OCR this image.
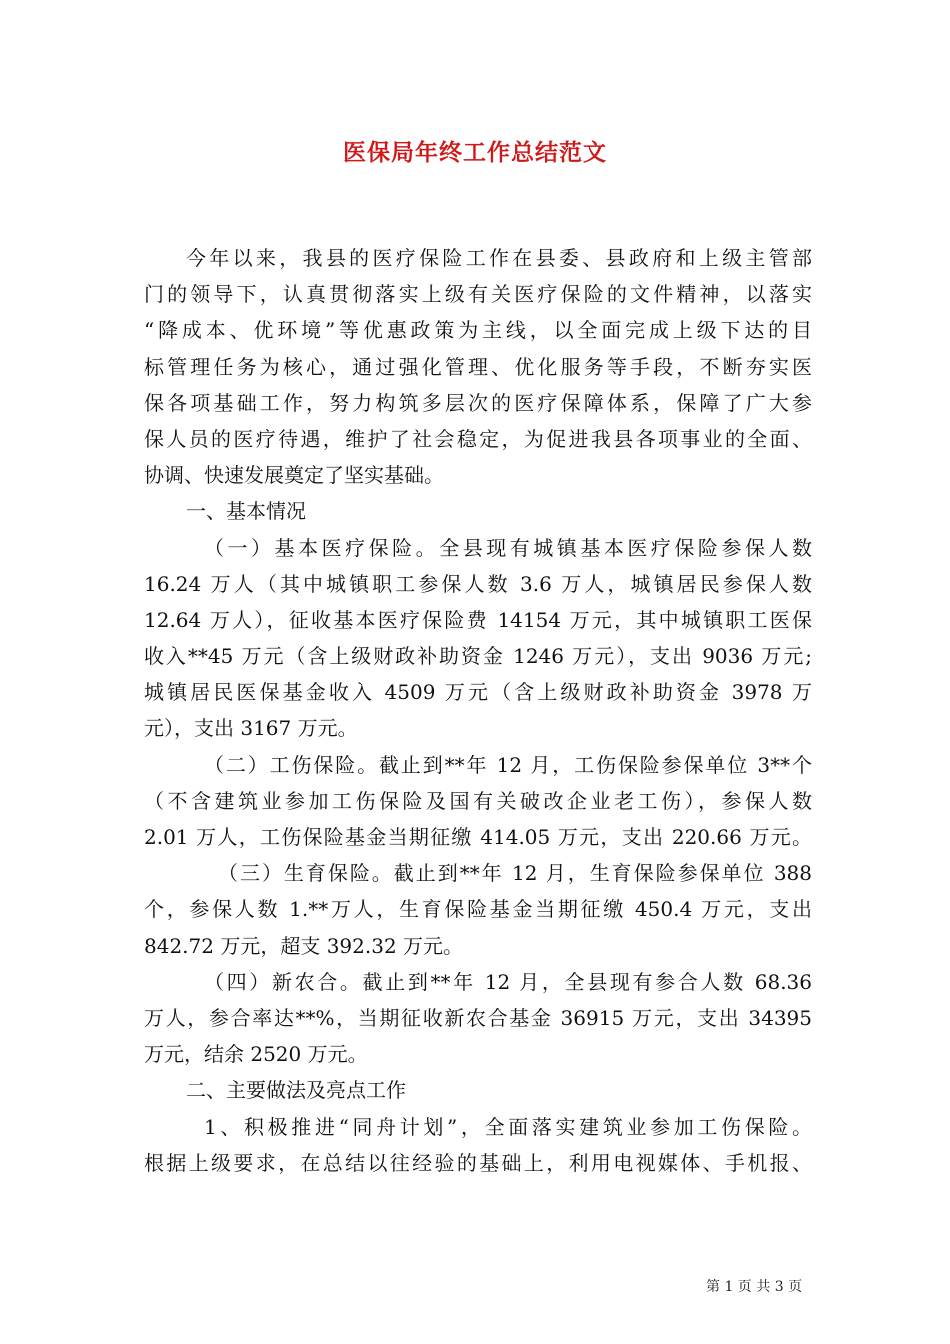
医保局年终工作总结范文
今年以来，我县的医疗保险工作在县委、县政府和上级主管部
门的领导下，认真贯彻落实上级有关医疗保险的文件精神，以落实
“降成本、优环境”等优惠政策为主线，以全面完成上级下达的目
标管理任务为核心，通过强化管理、优化服务等手段，不断夯实医
保各项基础工作，努力构筑多层次的医疗保障体系，保障了广大参
保人员的医疗待遇，维护了社会稳定，为促进我县各项事业的全面、
协调、快速发展奠定了坚实基础。
一、基本情况
（一）基本医疗保险。全县现有城镇基本医疗保险参保人数
16.24 万人（其中城镇职工参保人数 3.6 万人，城镇居民参保人数
12.64 万人），征收基本医疗保险费 14154 万元，其中城镇职工医保
收入**45 万元（含上级财政补助资金 1246 万元），支出 9036 万元;
城镇居民医保基金收入 4509 万元（含上级财政补助资金 3978 万
元），支出 3167 万元。
（二）工伤保险。截止到**年 12 月，工伤保险参保单位 3**个
（不含建筑业参加工伤保险及国有关破改企业老工伤），参保人数
2.01 万人，工伤保险基金当期征缴 414.05 万元，支出 220.66 万元。
（三）生育保险。截止到**年 12 月，生育保险参保单位 388
个，参保人数 1.**万人，生育保险基金当期征缴 450.4 万元，支出
842.72 万元，超支 392.32 万元。
（四）新农合。截止到**年 12 月，全县现有参合人数 68.36
万人，参合率达**%，当期征收新农合基金 36915 万元，支出 34395
万元，结余 2520 万元。
二、主要做法及亮点工作
1、积极推进“同舟计划”，全面落实建筑业参加工伤保险。
根据上级要求，在总结以往经验的基础上，利用电视媒体、手机报、
第 1 页 共 3 页
